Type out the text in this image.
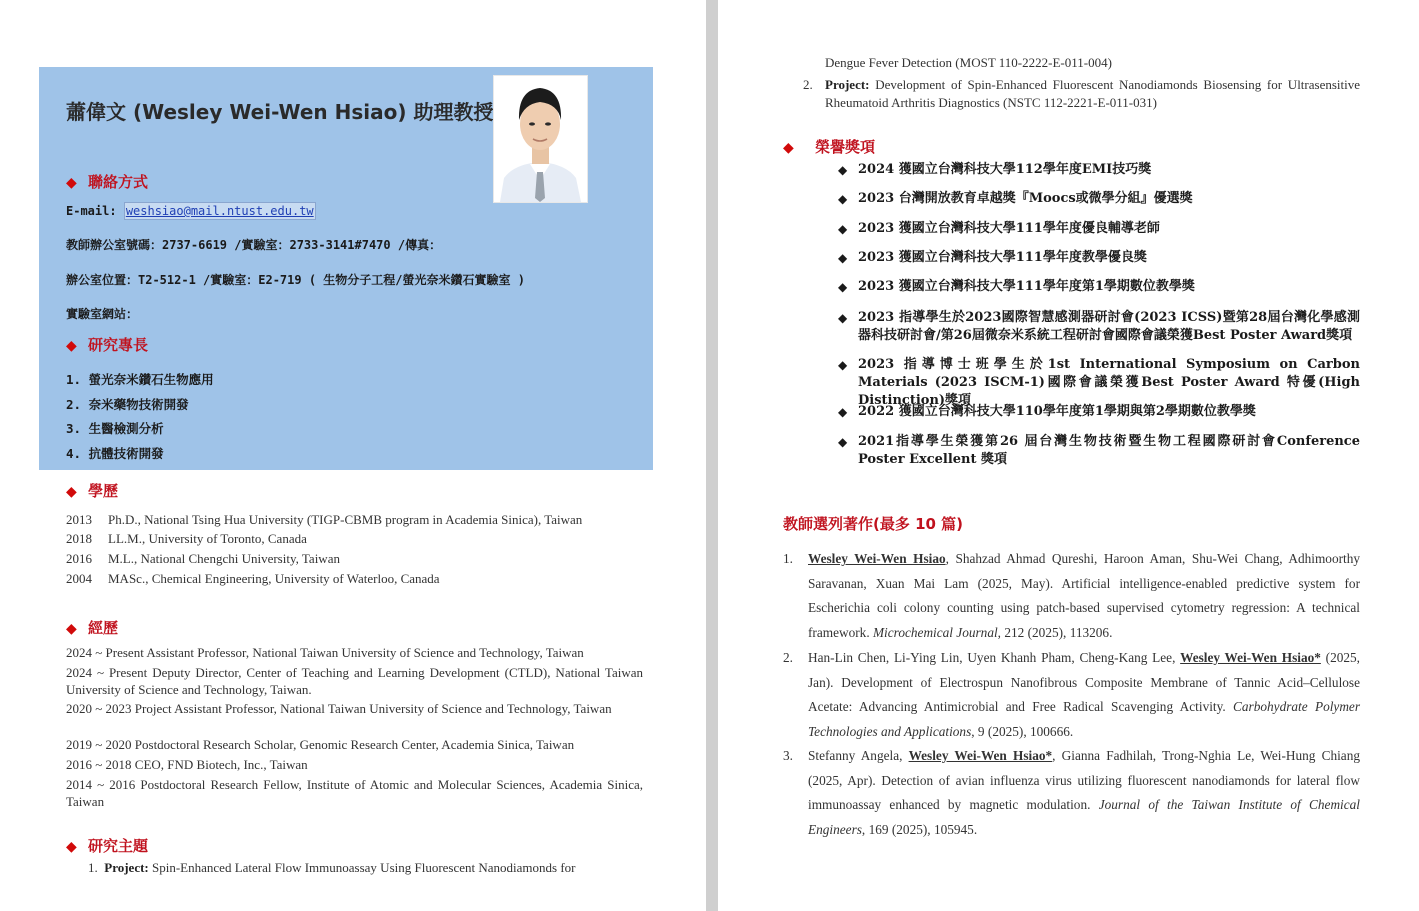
蕭偉文 (Wesley Wei-Wen Hsiao) 助理教授
◆ 聯絡方式
E-mail: weshsiao@mail.ntust.edu.tw
教師辦公室號碼：2737-6619 /實驗室：2733-3141#7470 /傳真：
辦公室位置：T2-512-1 /實驗室：E2-719 ( 生物分子工程/螢光奈米鑽石實驗室 )
實驗室網站：
◆ 研究專長
1. 螢光奈米鑽石生物應用
2. 奈米藥物技術開發
3. 生醫檢測分析
4. 抗體技術開發
◆ 學歷
2013 Ph.D., National Tsing Hua University (TIGP-CBMB program in Academia Sinica), Taiwan
2018 LL.M., University of Toronto, Canada
2016 M.L., National Chengchi University, Taiwan
2004 MASc., Chemical Engineering, University of Waterloo, Canada
◆ 經歷
2024 ~ Present Assistant Professor, National Taiwan University of Science and Technology, Taiwan
2024 ~ Present Deputy Director, Center of Teaching and Learning Development (CTLD), National Taiwan University of Science and Technology, Taiwan.
2020 ~ 2023 Project Assistant Professor, National Taiwan University of Science and Technology, Taiwan
2019 ~ 2020 Postdoctoral Research Scholar, Genomic Research Center, Academia Sinica, Taiwan
2016 ~ 2018 CEO, FND Biotech, Inc., Taiwan
2014 ~ 2016 Postdoctoral Research Fellow, Institute of Atomic and Molecular Sciences, Academia Sinica, Taiwan
◆ 研究主題
1. Project: Spin-Enhanced Lateral Flow Immunoassay Using Fluorescent Nanodiamonds for
Dengue Fever Detection (MOST 110-2222-E-011-004)
2. Project: Development of Spin-Enhanced Fluorescent Nanodiamonds Biosensing for Ultrasensitive Rheumatoid Arthritis Diagnostics (NSTC 112-2221-E-011-031)
◆ 榮譽獎項
◆ 2024 獲國立台灣科技大學112學年度EMI技巧獎
◆ 2023 台灣開放教育卓越獎『Moocs或微學分組』優選獎
◆ 2023 獲國立台灣科技大學111學年度優良輔導老師
◆ 2023 獲國立台灣科技大學111學年度教學優良獎
◆ 2023 獲國立台灣科技大學111學年度第1學期數位教學獎
◆ 2023 指導學生於2023國際智慧感測器研討會(2023 ICSS)暨第28屆台灣化學感測器科技研討會/第26屆微奈米系統工程研討會國際會議榮獲Best Poster Award獎項
◆ 2023 指導博士班學生於1st International Symposium on Carbon Materials (2023 ISCM-1)國際會議榮獲Best Poster Award 特優(High Distinction)獎項
◆ 2022 獲國立台灣科技大學110學年度第1學期與第2學期數位教學獎
◆ 2021指導學生榮獲第26 屆台灣生物技術暨生物工程國際研討會Conference Poster Excellent 獎項
教師選列著作(最多 10 篇)
1. Wesley Wei-Wen Hsiao, Shahzad Ahmad Qureshi, Haroon Aman, Shu-Wei Chang, Adhimoorthy Saravanan, Xuan Mai Lam (2025, May). Artificial intelligence-enabled predictive system for Escherichia coli colony counting using patch-based supervised cytometry regression: A technical framework. Microchemical Journal, 212 (2025), 113206.
2. Han-Lin Chen, Li-Ying Lin, Uyen Khanh Pham, Cheng-Kang Lee, Wesley Wei-Wen Hsiao* (2025, Jan). Development of Electrospun Nanofibrous Composite Membrane of Tannic Acid–Cellulose Acetate: Advancing Antimicrobial and Free Radical Scavenging Activity. Carbohydrate Polymer Technologies and Applications, 9 (2025), 100666.
3. Stefanny Angela, Wesley Wei-Wen Hsiao*, Gianna Fadhilah, Trong-Nghia Le, Wei-Hung Chiang (2025, Apr). Detection of avian influenza virus utilizing fluorescent nanodiamonds for lateral flow immunoassay enhanced by magnetic modulation. Journal of the Taiwan Institute of Chemical Engineers, 169 (2025), 105945.
